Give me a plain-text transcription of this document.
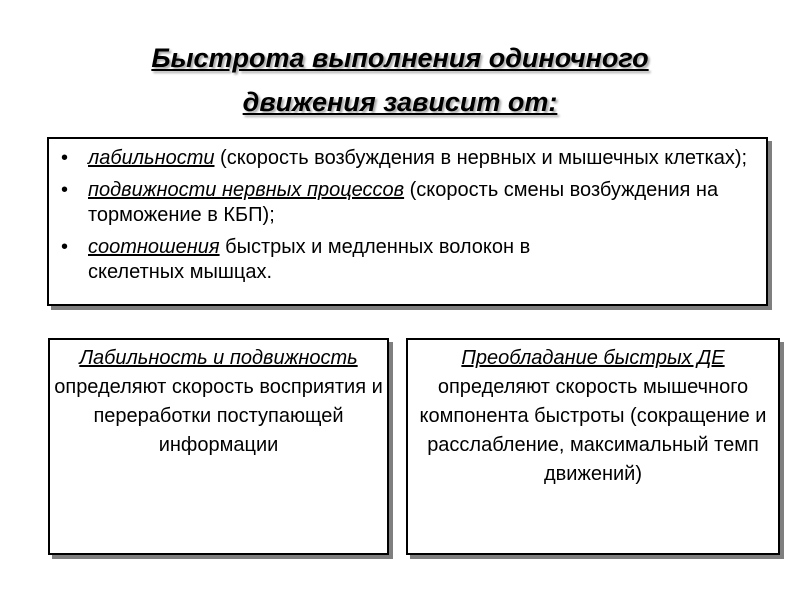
Быстрота выполнения одиночного
движения зависит от:
• лабильности (скорость возбуждения в нервных и мышечных клетках);
• подвижности нервных процессов (скорость смены возбуждения на торможение в КБП);
• соотношения быстрых и медленных волокон в
скелетных мышцах.
Лабильность и подвижность
определяют скорость восприятия и переработки поступающей информации
Преобладание быстрых ДЕ
определяют скорость мышечного компонента быстроты (сокращение и расслабление, максимальный темп движений)
